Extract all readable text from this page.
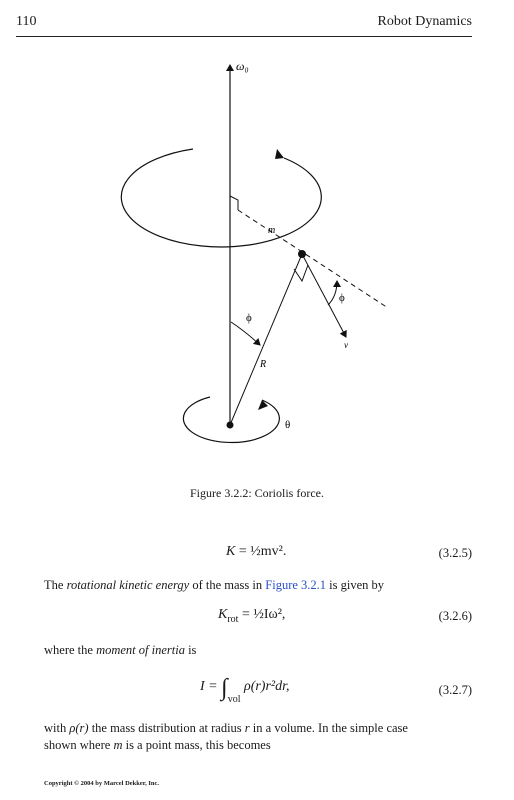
110	Robot Dynamics
ω₀
m
ϕ
ϕ
v
R
θ
Figure 3.2.2: Coriolis force.
K = ½mv².	(3.2.5)
The rotational kinetic energy of the mass in Figure 3.2.1 is given by
$K_{rot}$ = ½Iω²,	(3.2.6)
where the moment of inertia is
$I = \int_{vol}$ ρ(r)r²dr,	(3.2.7)
with ρ(r) the mass distribution at radius r in a volume. In the simple case
shown where m is a point mass, this becomes
Copyright © 2004 by Marcel Dekker, Inc.
